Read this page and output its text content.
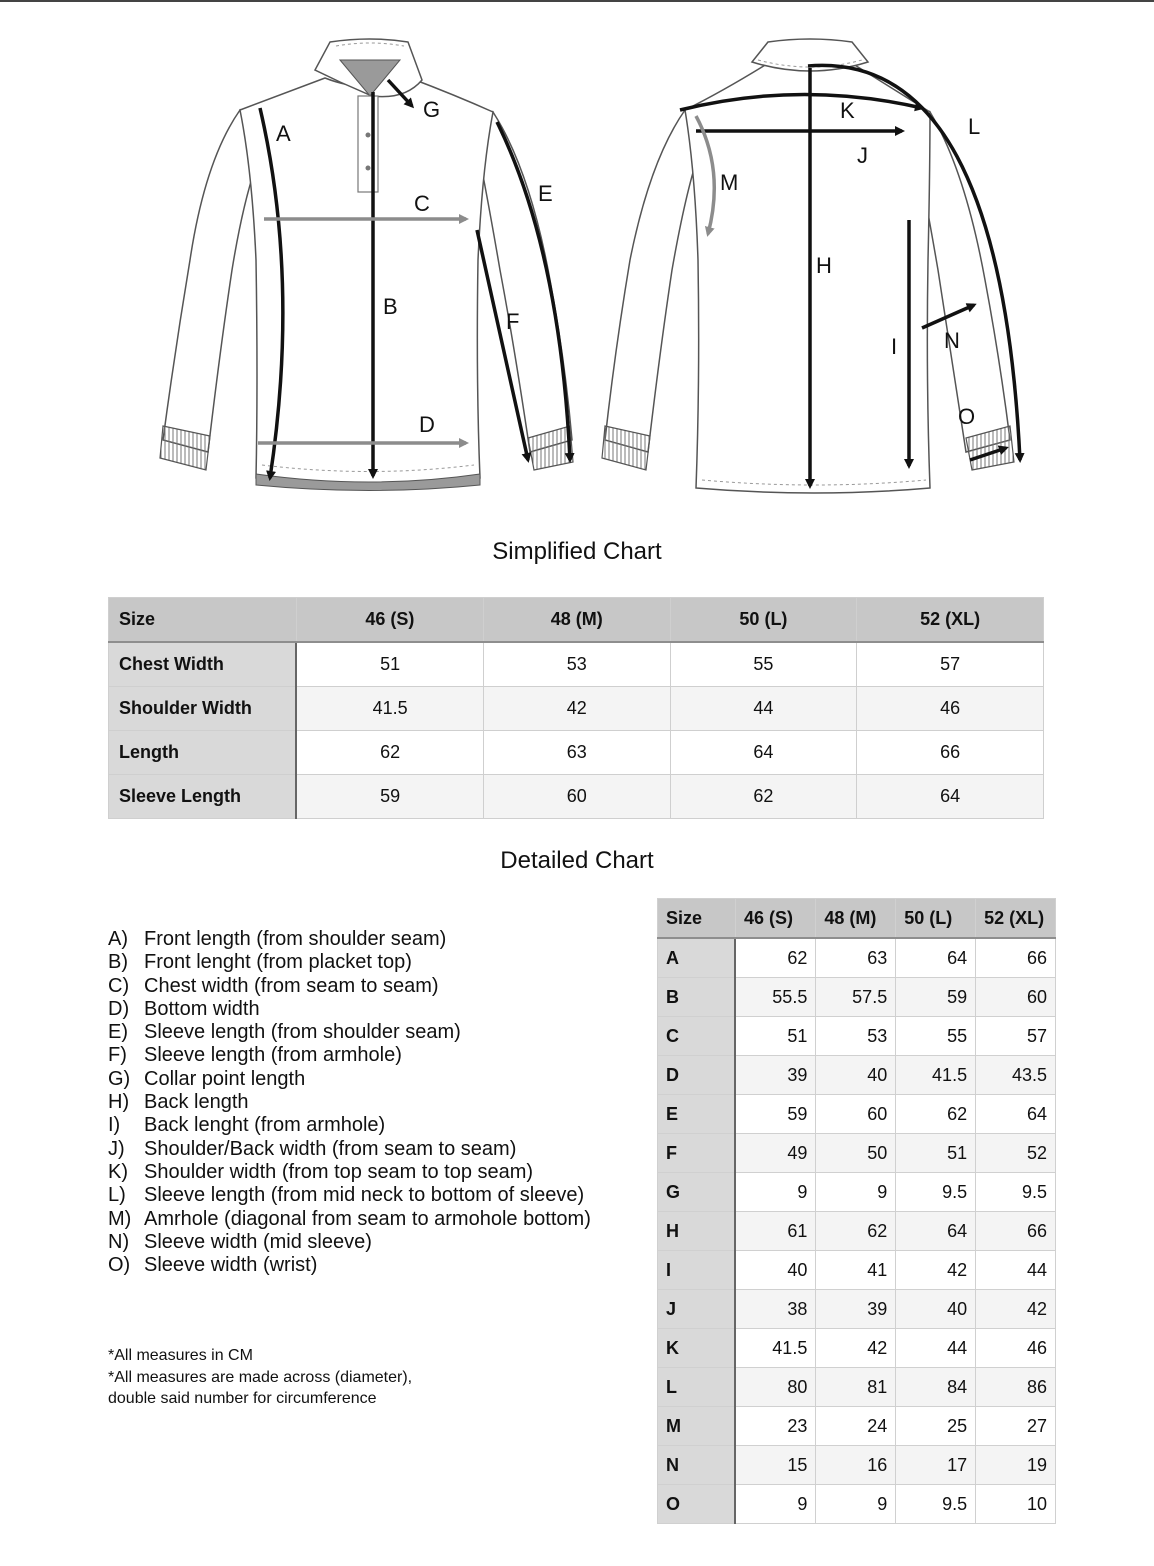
A
B
C
D
E
F
G
H
I
J
K
L
M
N
O
Simplified Chart
Size	46 (S)	48 (M)	50 (L)	52 (XL)
Chest Width	51	53	55	57
Shoulder Width	41.5	42	44	46
Length	62	63	64	66
Sleeve Length	59	60	62	64
Detailed Chart
A) Front length (from shoulder seam)
B) Front lenght (from placket top)
C) Chest width (from seam to seam)
D) Bottom width
E) Sleeve length (from shoulder seam)
F) Sleeve length (from armhole)
G) Collar point length
H) Back length
I) Back lenght (from armhole)
J) Shoulder/Back width (from seam to seam)
K) Shoulder width (from top seam to top seam)
L) Sleeve length (from mid neck to bottom of sleeve)
M) Amrhole (diagonal from seam to armohole bottom)
N) Sleeve width (mid sleeve)
O) Sleeve width (wrist)
*All measures in CM
*All measures are made across (diameter),
double said number for circumference
Size	46 (S)	48 (M)	50 (L)	52 (XL)
A	62	63	64	66
B	55.5	57.5	59	60
C	51	53	55	57
D	39	40	41.5	43.5
E	59	60	62	64
F	49	50	51	52
G	9	9	9.5	9.5
H	61	62	64	66
I	40	41	42	44
J	38	39	40	42
K	41.5	42	44	46
L	80	81	84	86
M	23	24	25	27
N	15	16	17	19
O	9	9	9.5	10
